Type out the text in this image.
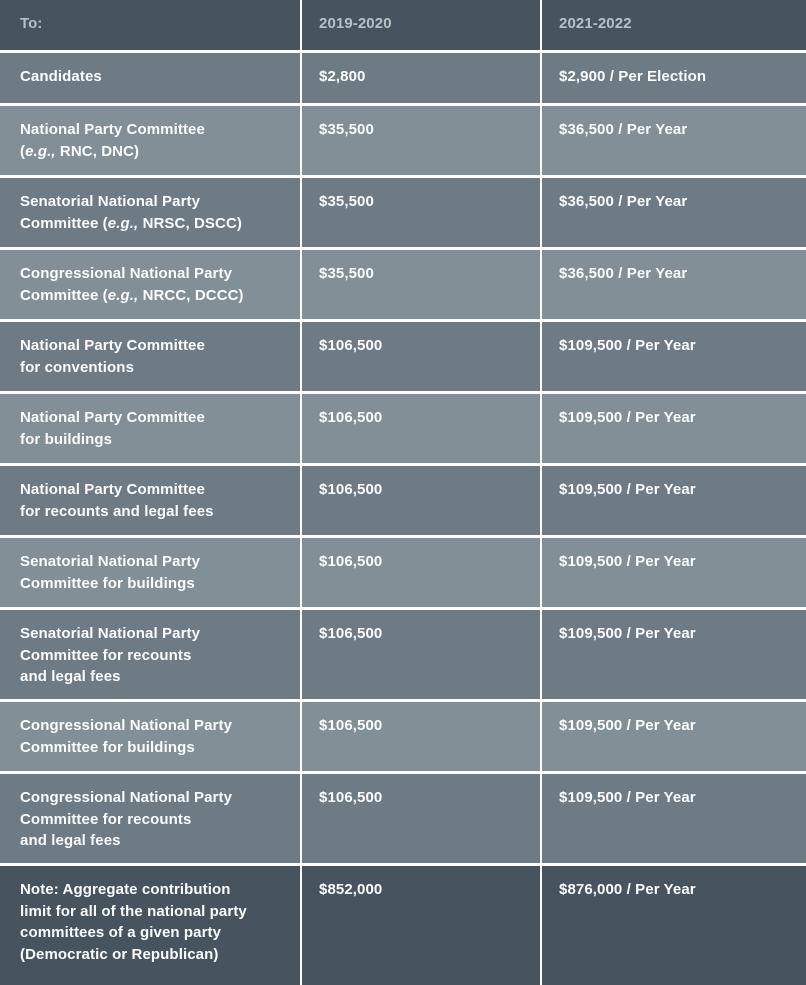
To:	2019-2020	2021-2022
Candidates	$2,800	$2,900 / Per Election
National Party Committee
(e.g., RNC, DNC)
$35,500	$36,500 / Per Year
Senatorial National Party
Committee (e.g., NRSC, DSCC)
$35,500	$36,500 / Per Year
Congressional National Party
Committee (e.g., NRCC, DCCC)
$35,500	$36,500 / Per Year
National Party Committee
for conventions
$106,500	$109,500 / Per Year
National Party Committee
for buildings
$106,500	$109,500 / Per Year
National Party Committee
for recounts and legal fees
$106,500	$109,500 / Per Year
Senatorial National Party
Committee for buildings
$106,500	$109,500 / Per Year
Senatorial National Party
Committee for recounts
and legal fees
$106,500	$109,500 / Per Year
Congressional National Party
Committee for buildings
$106,500	$109,500 / Per Year
Congressional National Party
Committee for recounts
and legal fees
$106,500	$109,500 / Per Year
Note: Aggregate contribution
limit for all of the national party
committees of a given party
(Democratic or Republican)
$852,000	$876,000 / Per Year
